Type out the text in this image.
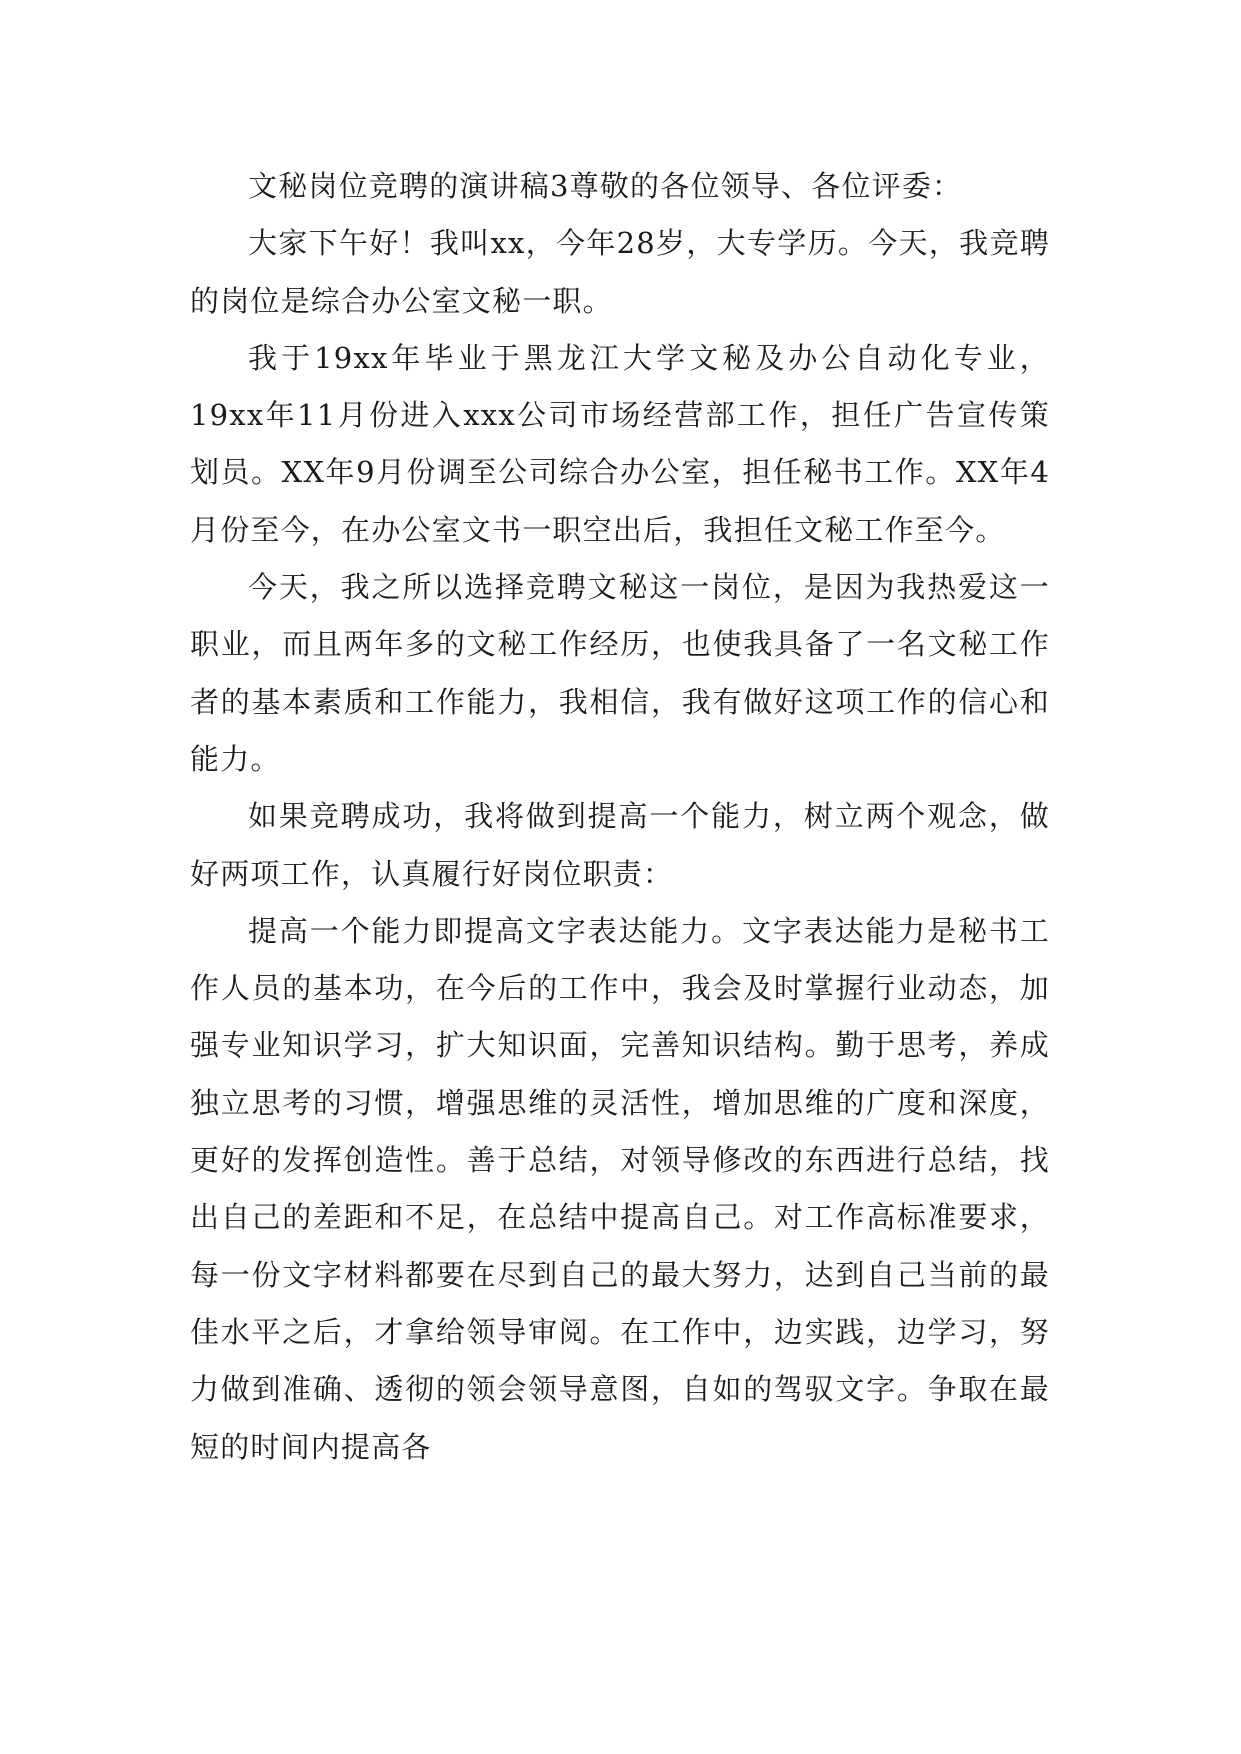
文秘岗位竞聘的演讲稿3尊敬的各位领导、各位评委：

大家下午好！我叫xx，今年28岁，大专学历。今天，我竞聘的岗位是综合办公室文秘一职。

我于19xx年毕业于黑龙江大学文秘及办公自动化专业，19xx年11月份进入xxx公司市场经营部工作，担任广告宣传策划员。XX年9月份调至公司综合办公室，担任秘书工作。XX年4月份至今，在办公室文书一职空出后，我担任文秘工作至今。

今天，我之所以选择竞聘文秘这一岗位，是因为我热爱这一职业，而且两年多的文秘工作经历，也使我具备了一名文秘工作者的基本素质和工作能力，我相信，我有做好这项工作的信心和能力。

如果竞聘成功，我将做到提高一个能力，树立两个观念，做好两项工作，认真履行好岗位职责：

提高一个能力即提高文字表达能力。文字表达能力是秘书工作人员的基本功，在今后的工作中，我会及时掌握行业动态，加强专业知识学习，扩大知识面，完善知识结构。勤于思考，养成独立思考的习惯，增强思维的灵活性，增加思维的广度和深度，更好的发挥创造性。善于总结，对领导修改的东西进行总结，找出自己的差距和不足，在总结中提高自己。对工作高标准要求，每一份文字材料都要在尽到自己的最大努力，达到自己当前的最佳水平之后，才拿给领导审阅。在工作中，边实践，边学习，努力做到准确、透彻的领会领导意图，自如的驾驭文字。争取在最短的时间内提高各
